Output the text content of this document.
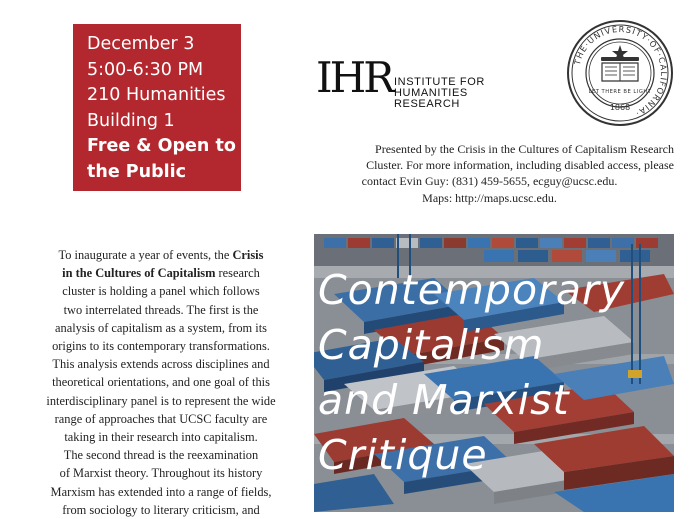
December 3
5:00-6:30 PM
210 Humanities
Building 1
Free & Open to
the Public
IHR INSTITUTE FOR
HUMANITIES RESEARCH
THE·UNIVERSITY·OF·CALIFORNIA·
LET THERE BE LIGHT
1868
Presented by the Crisis in the Cultures of Capitalism Research
Cluster. For more information, including disabled access, please
contact Evin Guy: (831) 459-5655, ecguy@ucsc.edu.
Maps: http://maps.ucsc.edu.
To inaugurate a year of events, the Crisis
in the Cultures of Capitalism research
cluster is holding a panel which follows
two interrelated threads. The first is the
analysis of capitalism as a system, from its
origins to its contemporary transformations.
This analysis extends across disciplines and
theoretical orientations, and one goal of this
interdisciplinary panel is to represent the wide
range of approaches that UCSC faculty are
taking in their research into capitalism.
The second thread is the reexamination
of Marxist theory. Throughout its history
Marxism has extended into a range of fields,
from sociology to literary criticism, and
Contemporary
Capitalism
and Marxist
Critique
